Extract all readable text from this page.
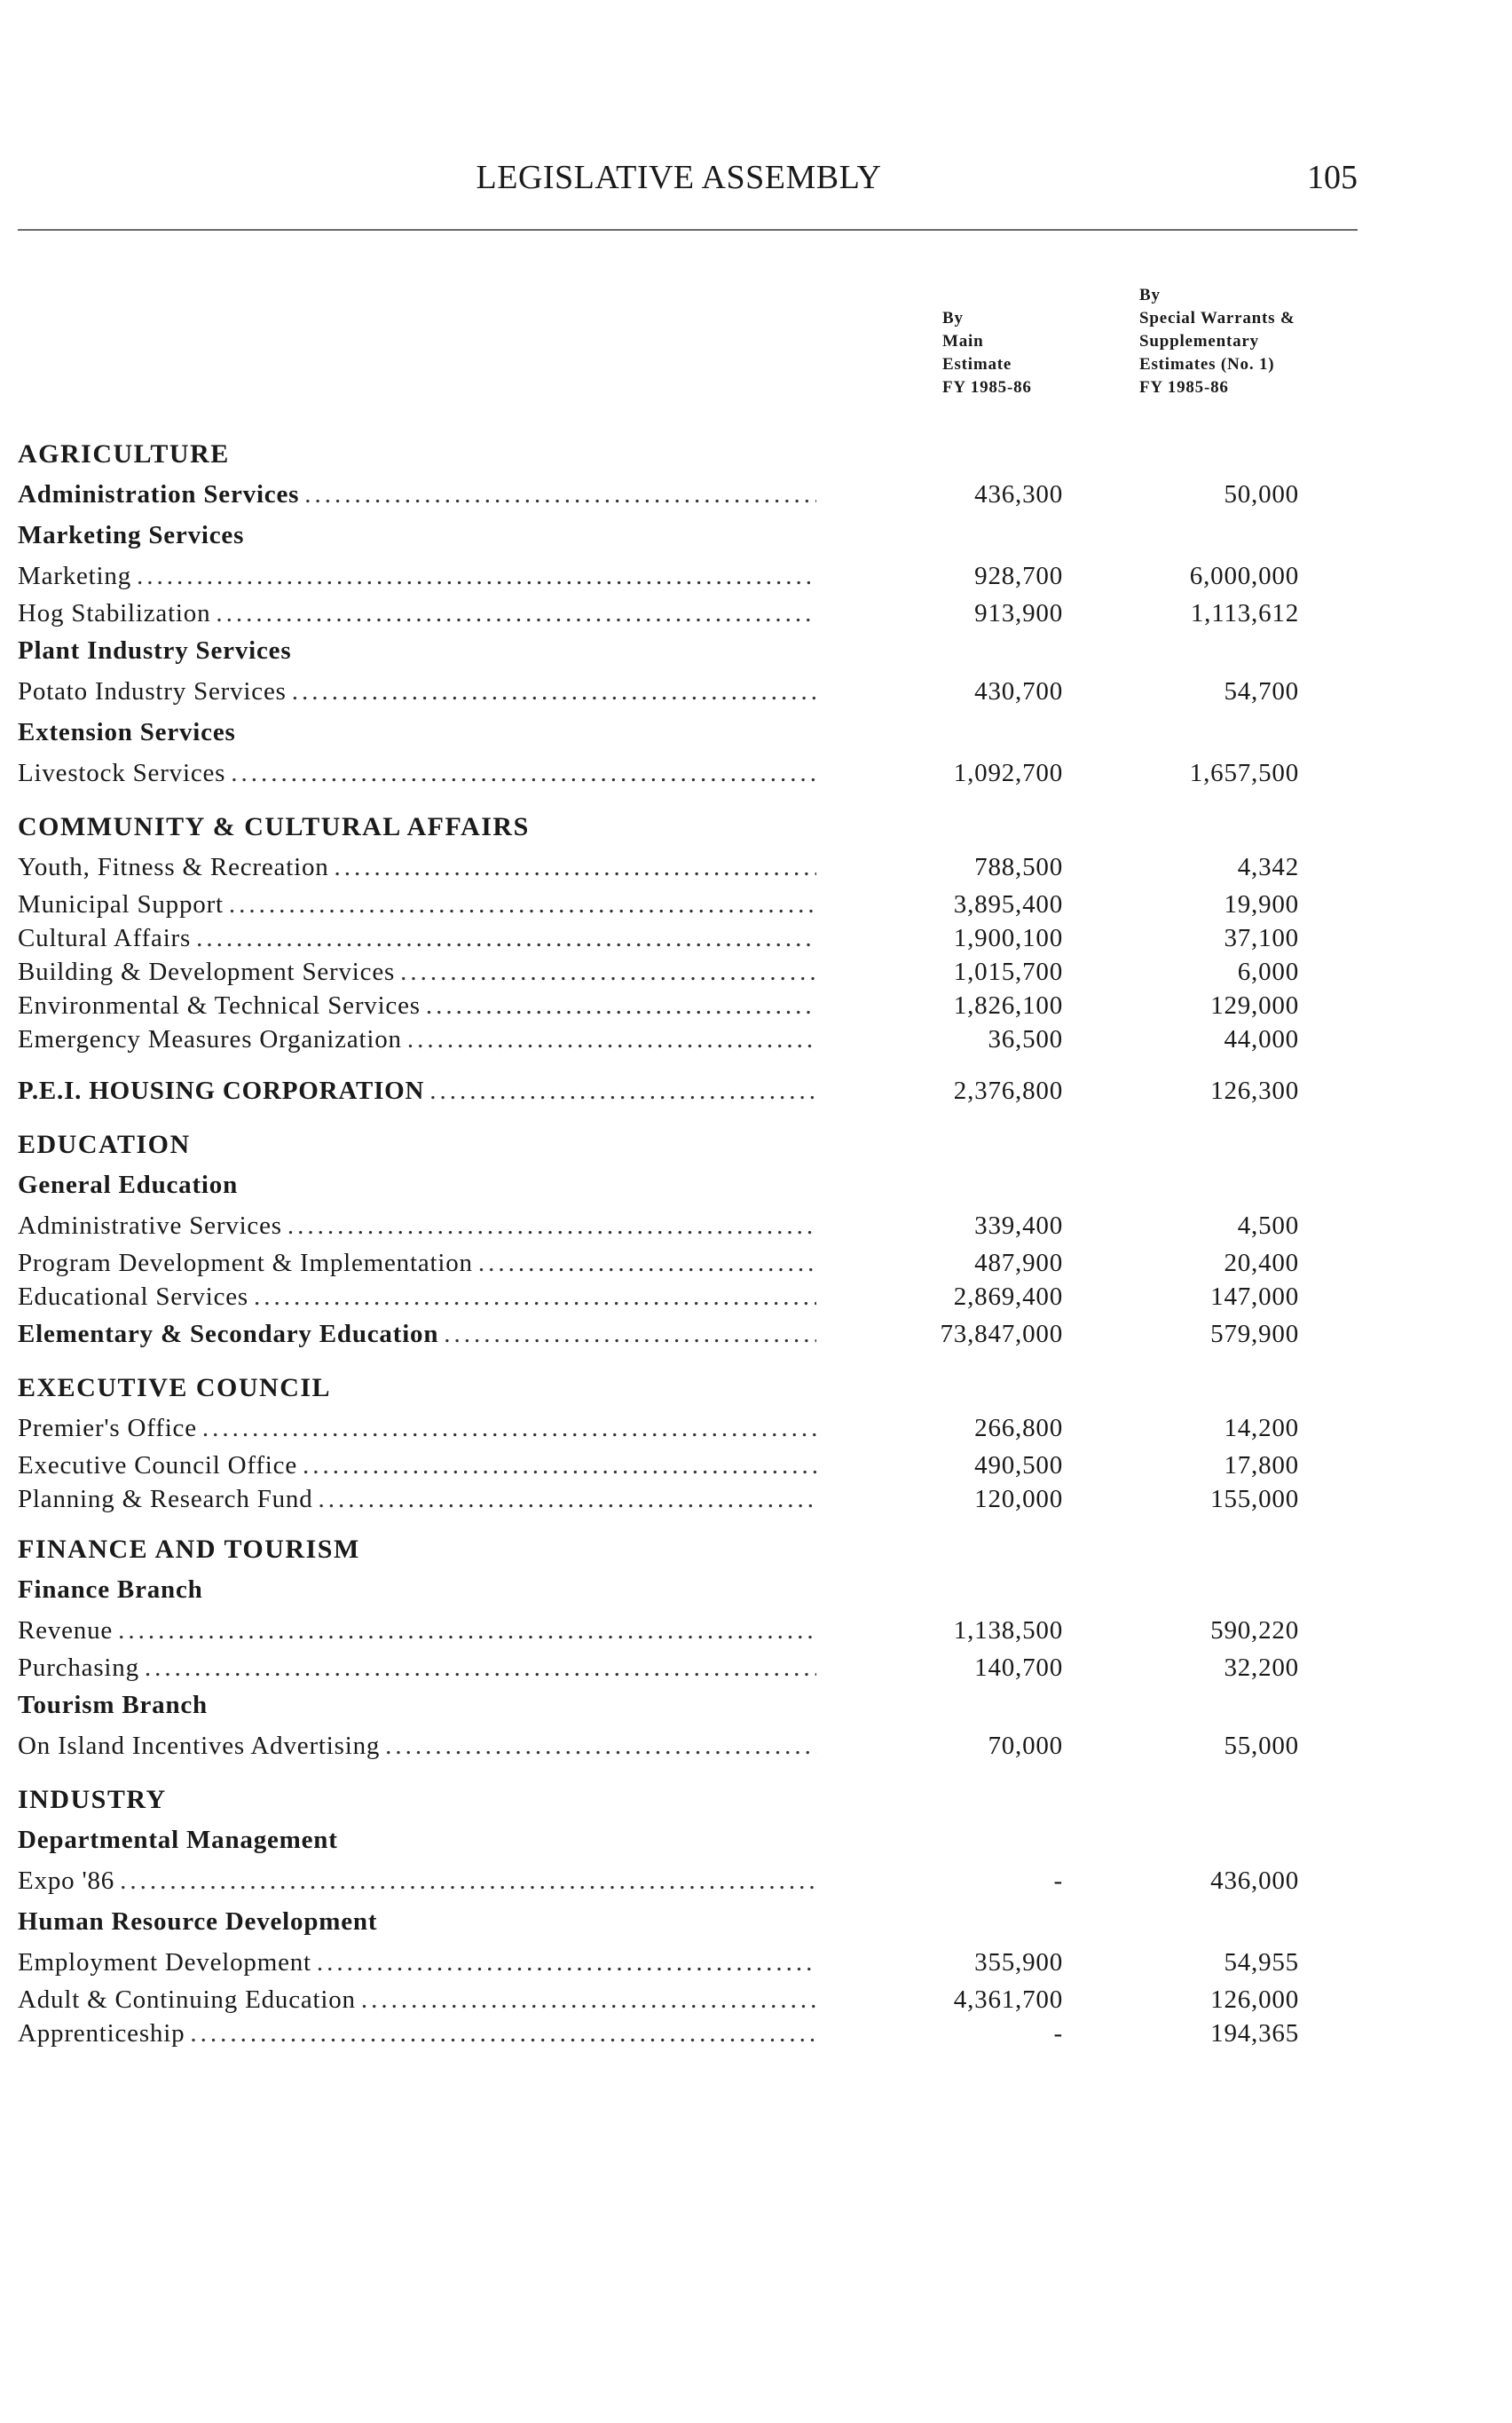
LEGISLATIVE ASSEMBLY	105
By
Main
Estimate
FY 1985-86
By
Special Warrants &
Supplementary
Estimates (No. 1)
FY 1985-86
AGRICULTURE
Administration Services .....	436,300	50,000
Marketing Services
Marketing .....	928,700	6,000,000
Hog Stabilization .....	913,900	1,113,612
Plant Industry Services
Potato Industry Services .....	430,700	54,700
Extension Services
Livestock Services .....	1,092,700	1,657,500
COMMUNITY & CULTURAL AFFAIRS
Youth, Fitness & Recreation .....	788,500	4,342
Municipal Support .....	3,895,400	19,900
Cultural Affairs .....	1,900,100	37,100
Building & Development Services .....	1,015,700	6,000
Environmental & Technical Services .....	1,826,100	129,000
Emergency Measures Organization .....	36,500	44,000
P.E.I. HOUSING CORPORATION .....	2,376,800	126,300
EDUCATION
General Education
Administrative Services .....	339,400	4,500
Program Development & Implementation .....	487,900	20,400
Educational Services .....	2,869,400	147,000
Elementary & Secondary Education .....	73,847,000	579,900
EXECUTIVE COUNCIL
Premier's Office .....	266,800	14,200
Executive Council Office .....	490,500	17,800
Planning & Research Fund .....	120,000	155,000
FINANCE AND TOURISM
Finance Branch
Revenue .....	1,138,500	590,220
Purchasing .....	140,700	32,200
Tourism Branch
On Island Incentives Advertising .....	70,000	55,000
INDUSTRY
Departmental Management
Expo '86 .....	-	436,000
Human Resource Development
Employment Development .....	355,900	54,955
Adult & Continuing Education .....	4,361,700	126,000
Apprenticeship .....	-	194,365
